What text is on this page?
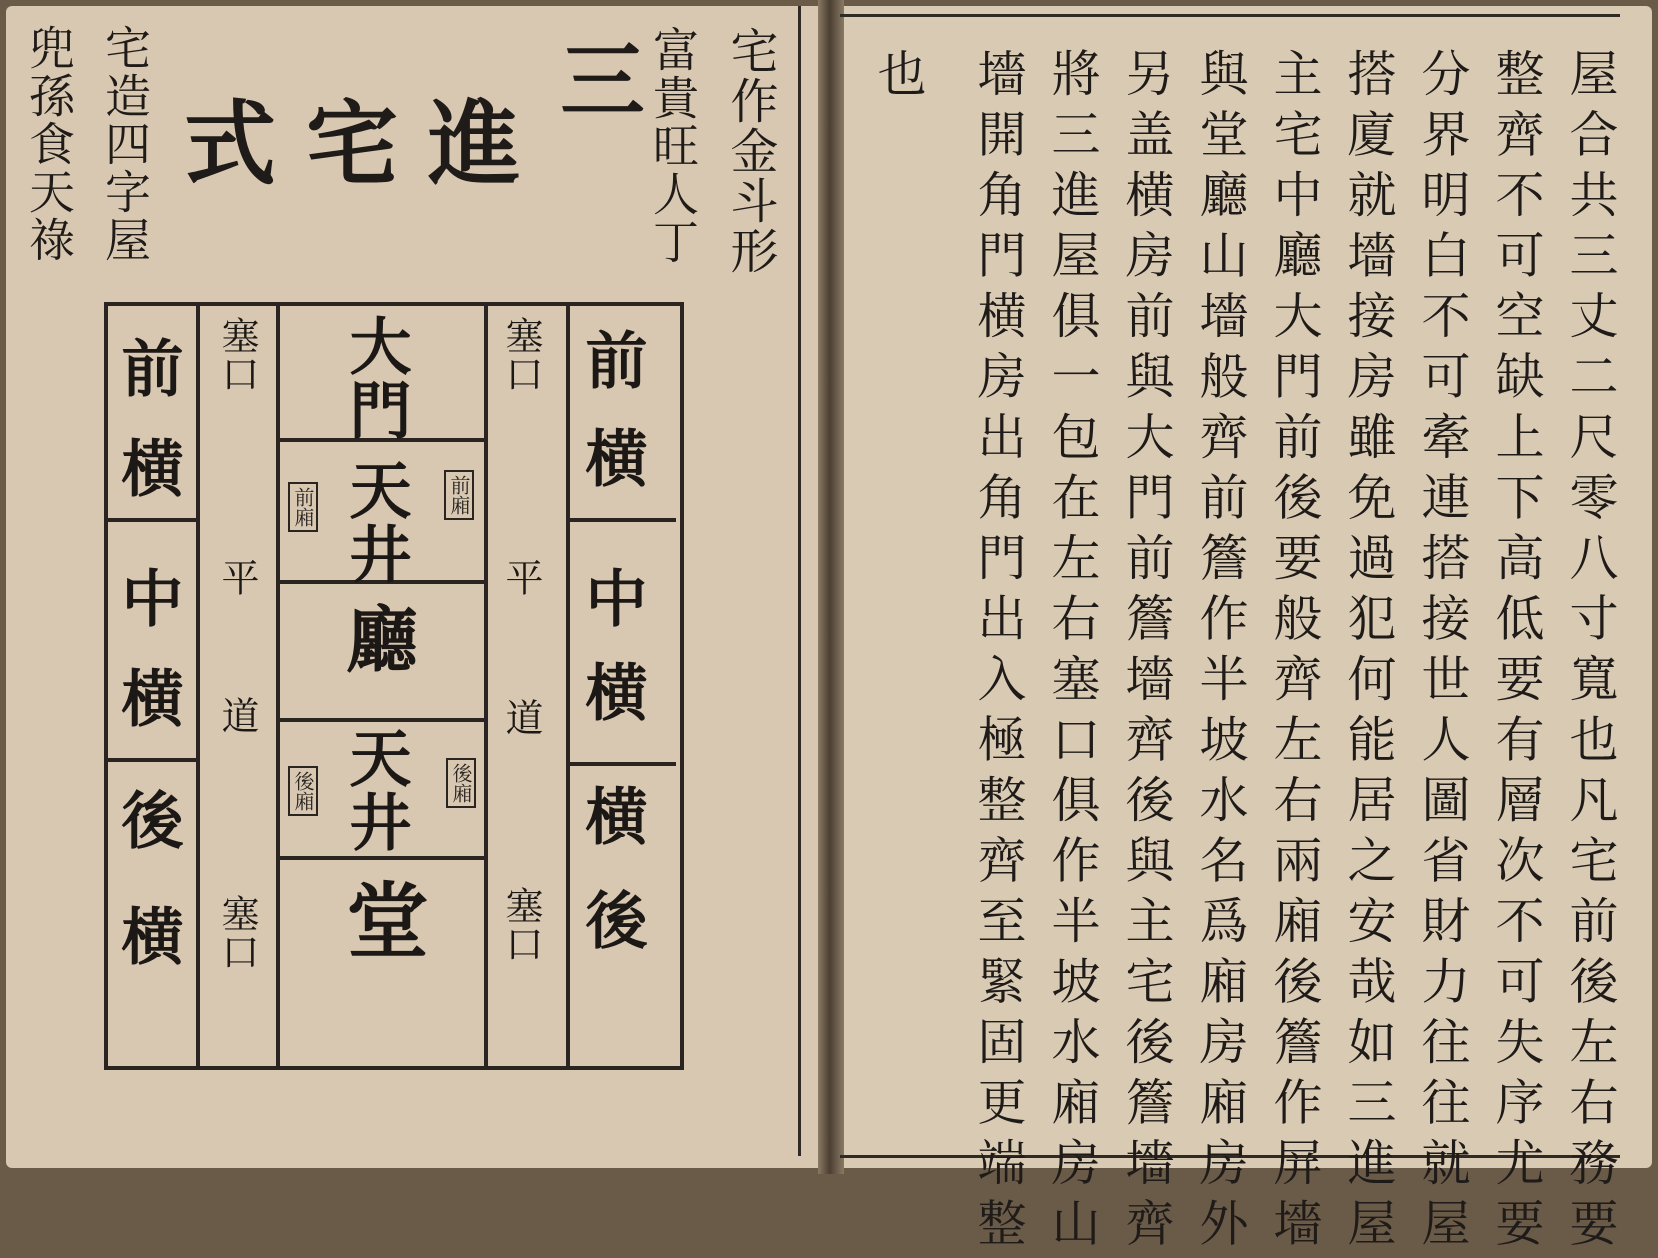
三
進宅式	宅作金斗形
富貴旺人丁
宅造四字屋
兜孫食天祿
前
横
中
横
横
後
前
横
中
横
後
横
塞口
平
道
塞口
塞口
平
道
塞口
大門
天井
廳
天井
堂
前廂
後廂
前廂
後廂	屋合共三丈二尺零八寸寬也凡宅前後左右務要
整齊不可空缺上下高低要有層次不可失序尤要
分界明白不可牽連搭接世人圖省財力往往就屋
搭廈就墻接房雖免過犯何能居之安哉如三進屋
主宅中廳大門前後要般齊左右兩廂後簷作屏墻
與堂廳山墻般齊前簷作半坡水名爲廂房廂房外
另盖横房前與大門前簷墻齊後與主宅後簷墻齊
將三進屋俱一包在左右塞口俱作半坡水廂房山
墻開角門横房出角門出入極整齊至緊固更端整
也
